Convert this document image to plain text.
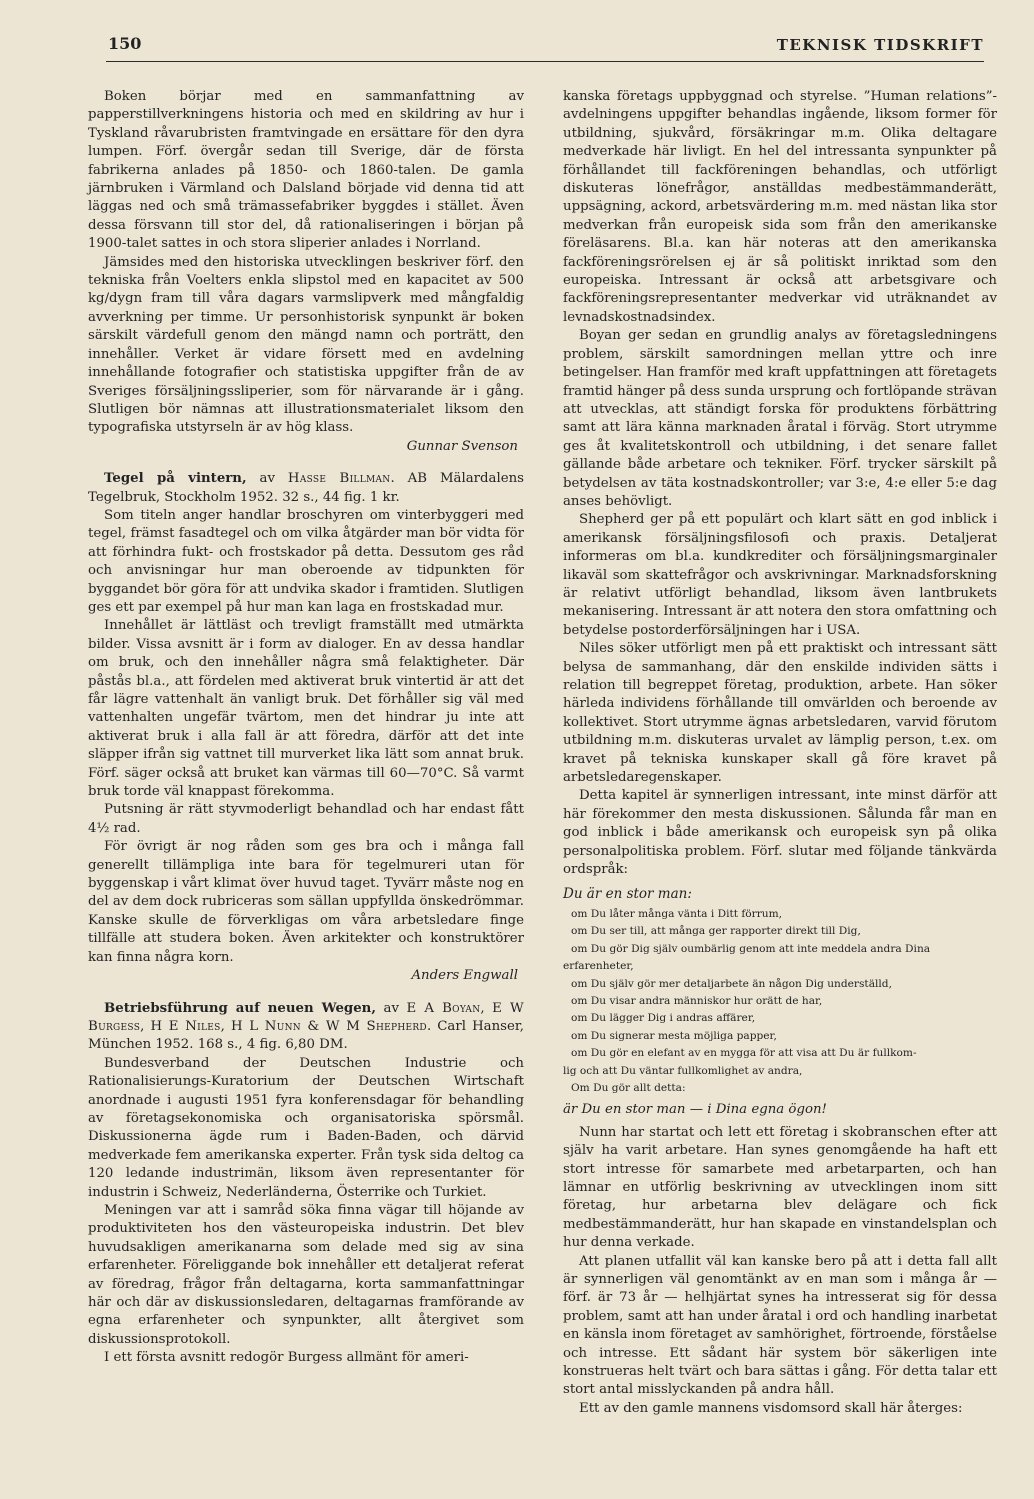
150	TEKNISK TIDSKRIFT

Boken börjar med en sammanfattning av papperstillverkningens historia och med en skildring av hur i Tyskland råvarubristen framtvingade en ersättare för den dyra lumpen. Förf. övergår sedan till Sverige, där de första fabrikerna anlades på 1850- och 1860-talen. De gamla järnbruken i Värmland och Dalsland började vid denna tid att läggas ned och små trämassefabriker byggdes i stället. Även dessa försvann till stor del, då rationaliseringen i början på 1900-talet sattes in och stora sliperier anlades i Norrland.

Jämsides med den historiska utvecklingen beskriver förf. den tekniska från Voelters enkla slipstol med en kapacitet av 500 kg/dygn fram till våra dagars varmslipverk med mångfaldig avverkning per timme. Ur personhistorisk synpunkt är boken särskilt värdefull genom den mängd namn och porträtt, den innehåller. Verket är vidare försett med en avdelning innehållande fotografier och statistiska uppgifter från de av Sveriges försäljningssliperier, som för närvarande är i gång. Slutligen bör nämnas att illustrationsmaterialet liksom den typografiska utstyrseln är av hög klass.

Gunnar Svenson

Tegel på vintern, av Hasse Billman. AB Mälardalens Tegelbruk, Stockholm 1952. 32 s., 44 fig. 1 kr.

Som titeln anger handlar broschyren om vinterbyggeri med tegel, främst fasadtegel och om vilka åtgärder man bör vidta för att förhindra fukt- och frostskador på detta. Dessutom ges råd och anvisningar hur man oberoende av tidpunkten för byggandet bör göra för att undvika skador i framtiden. Slutligen ges ett par exempel på hur man kan laga en frostskadad mur.

Innehållet är lättläst och trevligt framställt med utmärkta bilder. Vissa avsnitt är i form av dialoger. En av dessa handlar om bruk, och den innehåller några små felaktigheter. Där påstås bl.a., att fördelen med aktiverat bruk vintertid är att det får lägre vattenhalt än vanligt bruk. Det förhåller sig väl med vattenhalten ungefär tvärtom, men det hindrar ju inte att aktiverat bruk i alla fall är att föredra, därför att det inte släpper ifrån sig vattnet till murverket lika lätt som annat bruk. Förf. säger också att bruket kan värmas till 60—70°C. Så varmt bruk torde väl knappast förekomma.

Putsning är rätt styvmoderligt behandlad och har endast fått 4½ rad.

För övrigt är nog råden som ges bra och i många fall generellt tillämpliga inte bara för tegelmureri utan för byggenskap i vårt klimat över huvud taget. Tyvärr måste nog en del av dem dock rubriceras som sällan uppfyllda önskedrömmar. Kanske skulle de förverkligas om våra arbetsledare finge tillfälle att studera boken. Även arkitekter och konstruktörer kan finna några korn.

Anders Engwall

Betriebsführung auf neuen Wegen, av E A Boyan, E W Burgess, H E Niles, H L Nunn & W M Shepherd. Carl Hanser, München 1952. 168 s., 4 fig. 6,80 DM.

Bundesverband der Deutschen Industrie och Rationalisierungs-Kuratorium der Deutschen Wirtschaft anordnade i augusti 1951 fyra konferensdagar för behandling av företagsekonomiska och organisatoriska spörsmål. Diskussionerna ägde rum i Baden-Baden, och därvid medverkade fem amerikanska experter. Från tysk sida deltog ca 120 ledande industrimän, liksom även representanter för industrin i Schweiz, Nederländerna, Österrike och Turkiet.

Meningen var att i samråd söka finna vägar till höjande av produktiviteten hos den västeuropeiska industrin. Det blev huvudsakligen amerikanarna som delade med sig av sina erfarenheter. Föreliggande bok innehåller ett detaljerat referat av föredrag, frågor från deltagarna, korta sammanfattningar här och där av diskussionsledaren, deltagarnas framförande av egna erfarenheter och synpunkter, allt återgivet som diskussionsprotokoll.

I ett första avsnitt redogör Burgess allmänt för ameri-

kanska företags uppbyggnad och styrelse. ”Human relations”-avdelningens uppgifter behandlas ingående, liksom former för utbildning, sjukvård, försäkringar m.m. Olika deltagare medverkade här livligt. En hel del intressanta synpunkter på förhållandet till fackföreningen behandlas, och utförligt diskuteras lönefrågor, anställdas medbestämmanderätt, uppsägning, ackord, arbetsvärdering m.m. med nästan lika stor medverkan från europeisk sida som från den amerikanske föreläsarens. Bl.a. kan här noteras att den amerikanska fackföreningsrörelsen ej är så politiskt inriktad som den europeiska. Intressant är också att arbetsgivare och fackföreningsrepresentanter medverkar vid uträknandet av levnadskostnadsindex.

Boyan ger sedan en grundlig analys av företagsledningens problem, särskilt samordningen mellan yttre och inre betingelser. Han framför med kraft uppfattningen att företagets framtid hänger på dess sunda ursprung och fortlöpande strävan att utvecklas, att ständigt forska för produktens förbättring samt att lära känna marknaden åratal i förväg. Stort utrymme ges åt kvalitetskontroll och utbildning, i det senare fallet gällande både arbetare och tekniker. Förf. trycker särskilt på betydelsen av täta kostnadskontroller; var 3:e, 4:e eller 5:e dag anses behövligt.

Shepherd ger på ett populärt och klart sätt en god inblick i amerikansk försäljningsfilosofi och praxis. Detaljerat informeras om bl.a. kundkrediter och försäljningsmarginaler likaväl som skattefrågor och avskrivningar. Marknadsforskning är relativt utförligt behandlad, liksom även lantbrukets mekanisering. Intressant är att notera den stora omfattning och betydelse postorderförsäljningen har i USA.

Niles söker utförligt men på ett praktiskt och intressant sätt belysa de sammanhang, där den enskilde individen sätts i relation till begreppet företag, produktion, arbete. Han söker härleda individens förhållande till omvärlden och beroende av kollektivet. Stort utrymme ägnas arbetsledaren, varvid förutom utbildning m.m. diskuteras urvalet av lämplig person, t.ex. om kravet på tekniska kunskaper skall gå före kravet på arbetsledaregenskaper.

Detta kapitel är synnerligen intressant, inte minst därför att här förekommer den mesta diskussionen. Sålunda får man en god inblick i både amerikansk och europeisk syn på olika personalpolitiska problem. Förf. slutar med följande tänkvärda ordspråk:

Du är en stor man:

om Du låter många vänta i Ditt förrum,

om Du ser till, att många ger rapporter direkt till Dig,

om Du gör Dig själv oumbärlig genom att inte meddela andra Dina

erfarenheter,

om Du själv gör mer detaljarbete än någon Dig underställd,

om Du visar andra människor hur orätt de har,

om Du lägger Dig i andras affärer,

om Du signerar mesta möjliga papper,

om Du gör en elefant av en mygga för att visa att Du är fullkom-

lig och att Du väntar fullkomlighet av andra,

Om Du gör allt detta:

är Du en stor man — i Dina egna ögon!

Nunn har startat och lett ett företag i skobranschen efter att själv ha varit arbetare. Han synes genomgående ha haft ett stort intresse för samarbete med arbetarparten, och han lämnar en utförlig beskrivning av utvecklingen inom sitt företag, hur arbetarna blev delägare och fick medbestämmanderätt, hur han skapade en vinstandelsplan och hur denna verkade.

Att planen utfallit väl kan kanske bero på att i detta fall allt är synnerligen väl genomtänkt av en man som i många år — förf. är 73 år — helhjärtat synes ha intresserat sig för dessa problem, samt att han under åratal i ord och handling inarbetat en känsla inom företaget av samhörighet, förtroende, förståelse och intresse. Ett sådant här system bör säkerligen inte konstrueras helt tvärt och bara sättas i gång. För detta talar ett stort antal misslyckanden på andra håll.

Ett av den gamle mannens visdomsord skall här återges:
